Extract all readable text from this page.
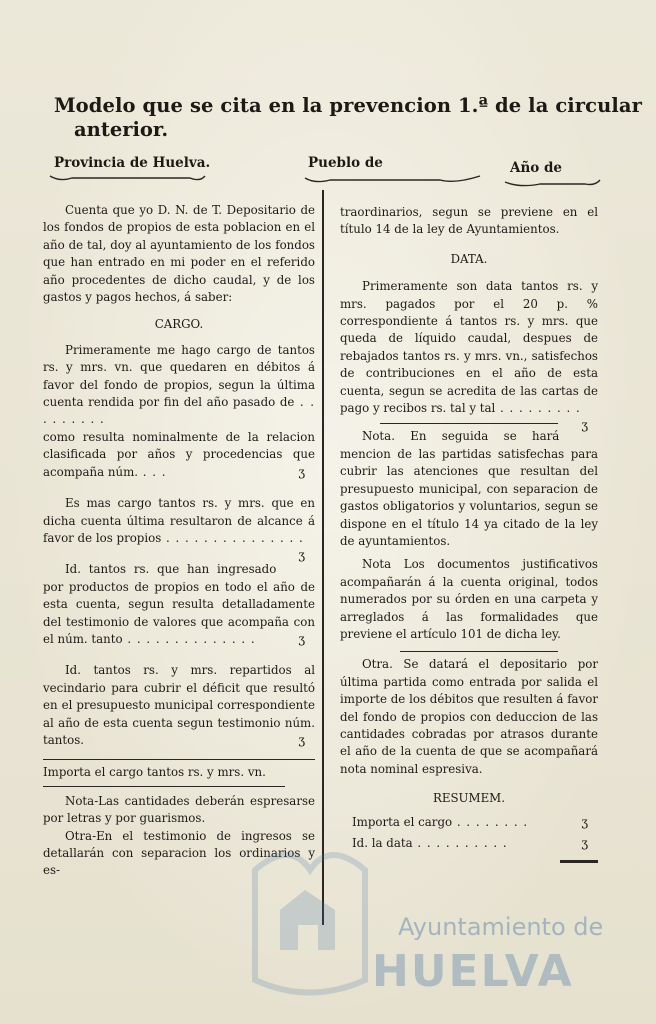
Modelo que se cita en la prevencion 1.ª de la circular
anterior.
Provincia de Huelva.	Pueblo de	Año de

Cuenta que yo D. N. de T. Depositario de los fondos de propios de esta poblacion en el año de tal, doy al ayuntamiento de los fondos que han entrado en mi poder en el referido año procedentes de dicho caudal, y de los gastos y pagos hechos, á saber:

CARGO.

Primeramente me hago cargo de tantos rs. y mrs. vn. que quedaren en débitos á favor del fondo de propios, segun la última cuenta rendida por fin del año pasado de . . . . . . . . .

como resulta nominalmente de la relacion clasificada por años y procedencias que acompaña núm. . . .	ʒ

Es mas cargo tantos rs. y mrs. que en dicha cuenta última resultaron de alcance á favor de los propios . . . . . . . . . . . . . . .
ʒ

Id. tantos rs. que han ingresado por productos de propios en todo el año de esta cuenta, segun resulta detalladamente del testimonio de valores que acompaña con el núm. tanto . . . . . . . . . . . . . .	ʒ

Id. tantos rs. y mrs. repartidos al vecindario para cubrir el déficit que resultó en el presupuesto municipal correspondiente al año de esta cuenta segun testimonio núm. tantos.	ʒ

Importa el cargo tantos rs. y mrs. vn.

Nota-Las cantidades deberán espresarse por letras y por guarismos.

Otra-En el testimonio de ingresos se detallarán con separacion los ordinarios y es-

traordinarios, segun se previene en el título 14 de la ley de Ayuntamientos.

DATA.

Primeramente son data tantos rs. y mrs. pagados por el 20 p. % correspondiente á tantos rs. y mrs. que queda de líquido caudal, despues de rebajados tantos rs. y mrs. vn., satisfechos de contribuciones en el año de esta cuenta, segun se acredita de las cartas de pago y recibos rs. tal y tal . . . . . . . . .
ʒ

Nota. En seguida se hará mencion de las partidas satisfechas para cubrir las atenciones que resultan del presupuesto municipal, con separacion de gastos obligatorios y voluntarios, segun se dispone en el título 14 ya citado de la ley de ayuntamientos.

Nota Los documentos justificativos acompañarán á la cuenta original, todos numerados por su órden en una carpeta y arreglados á las formalidades que previene el artículo 101 de dicha ley.

Otra. Se datará el depositario por última partida como entrada por salida el importe de los débitos que resulten á favor del fondo de propios con deduccion de las cantidades cobradas por atrasos durante el año de la cuenta de que se acompañará nota nominal espresiva.

RESUMEM.

Importa el cargo . . . . . . . .	ʒ

Id. la data . . . . . . . . . .	ʒ

Ayuntamiento de
HUELVA
